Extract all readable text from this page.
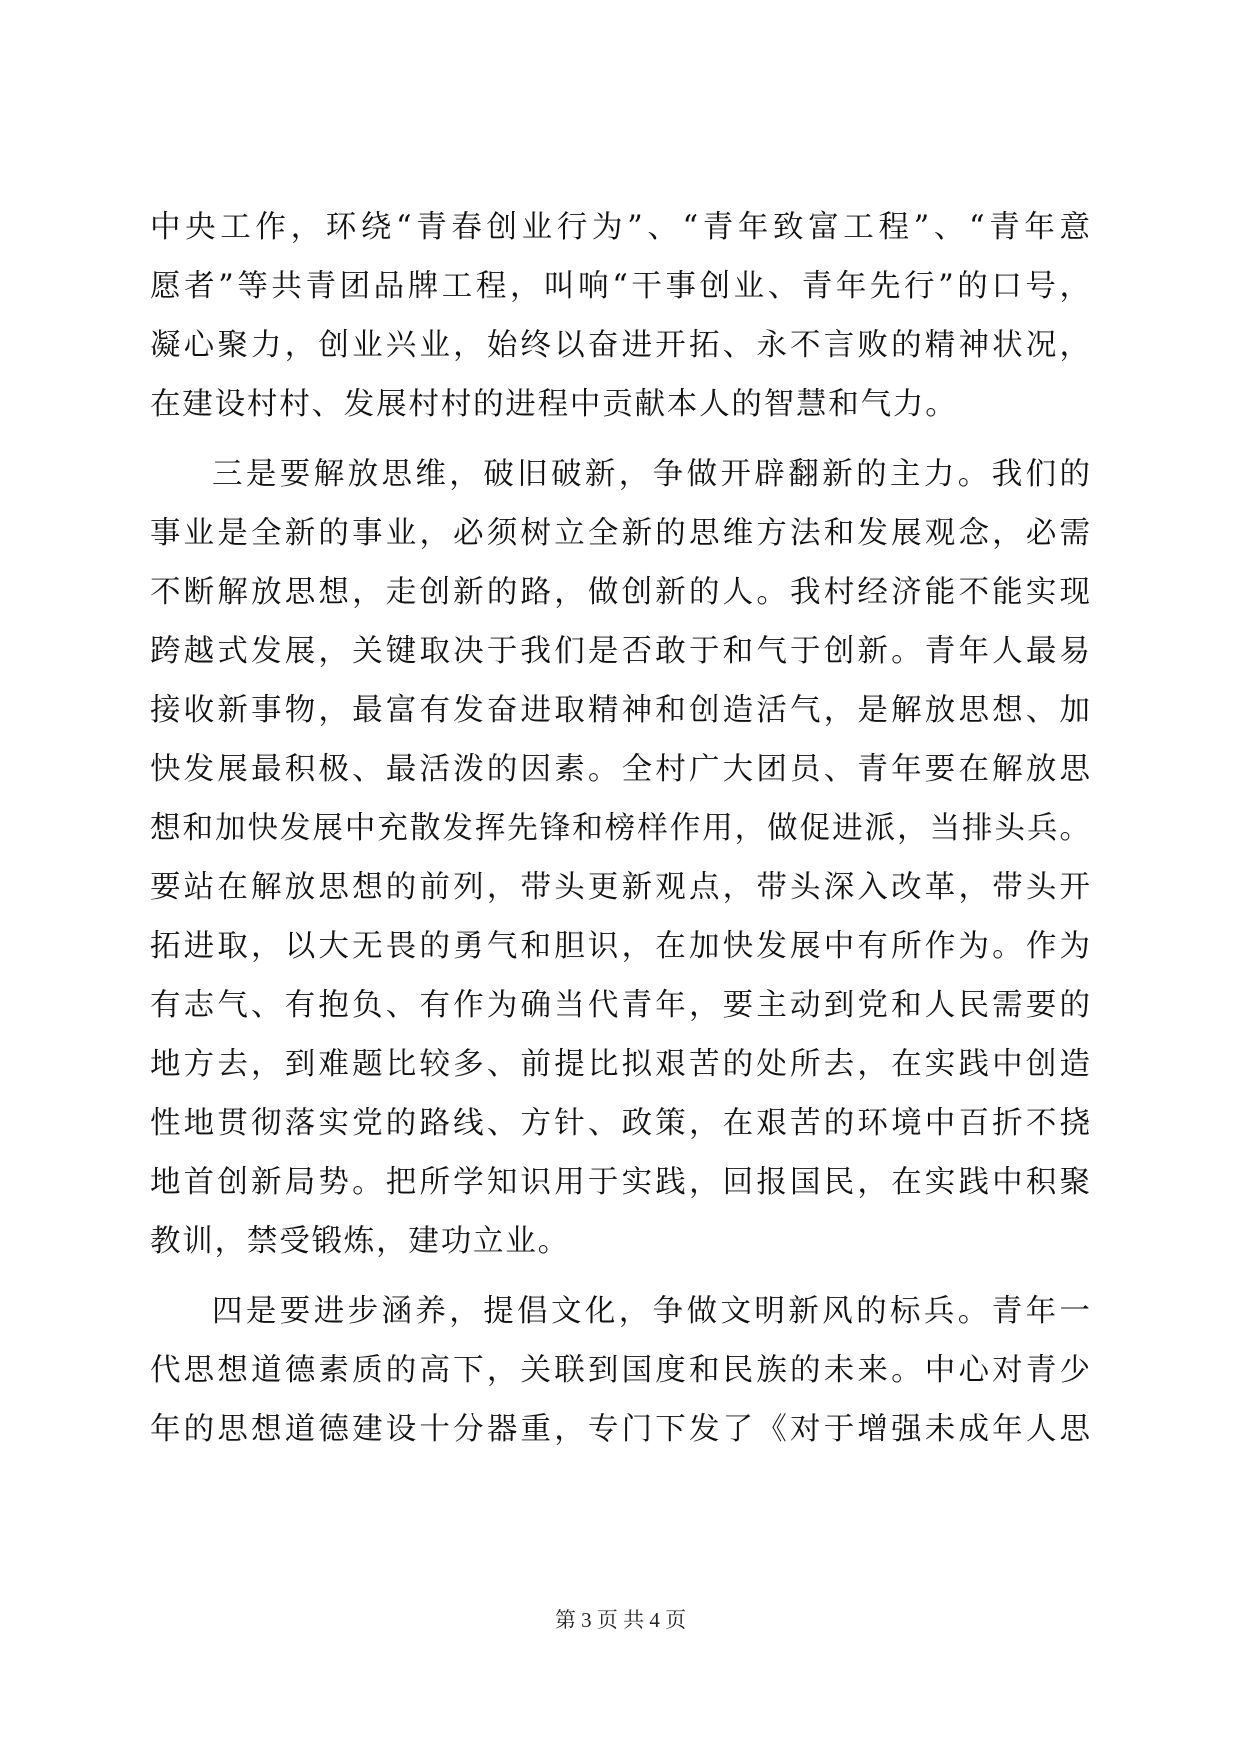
中央工作，环绕“青春创业行为”、“青年致富工程”、“青年意
愿者”等共青团品牌工程，叫响“干事创业、青年先行”的口号，
凝心聚力，创业兴业，始终以奋进开拓、永不言败的精神状况，
在建设村村、发展村村的进程中贡献本人的智慧和气力。
三是要解放思维，破旧破新，争做开辟翻新的主力。我们的
事业是全新的事业，必须树立全新的思维方法和发展观念，必需
不断解放思想，走创新的路，做创新的人。我村经济能不能实现
跨越式发展，关键取决于我们是否敢于和气于创新。青年人最易
接收新事物，最富有发奋进取精神和创造活气，是解放思想、加
快发展最积极、最活泼的因素。全村广大团员、青年要在解放思
想和加快发展中充散发挥先锋和榜样作用，做促进派，当排头兵。
要站在解放思想的前列，带头更新观点，带头深入改革，带头开
拓进取，以大无畏的勇气和胆识，在加快发展中有所作为。作为
有志气、有抱负、有作为确当代青年，要主动到党和人民需要的
地方去，到难题比较多、前提比拟艰苦的处所去，在实践中创造
性地贯彻落实党的路线、方针、政策，在艰苦的环境中百折不挠
地首创新局势。把所学知识用于实践，回报国民，在实践中积聚
教训，禁受锻炼，建功立业。
四是要进步涵养，提倡文化，争做文明新风的标兵。青年一
代思想道德素质的高下，关联到国度和民族的未来。中心对青少
年的思想道德建设十分器重，专门下发了《对于增强未成年人思
第 3 页 共 4 页
